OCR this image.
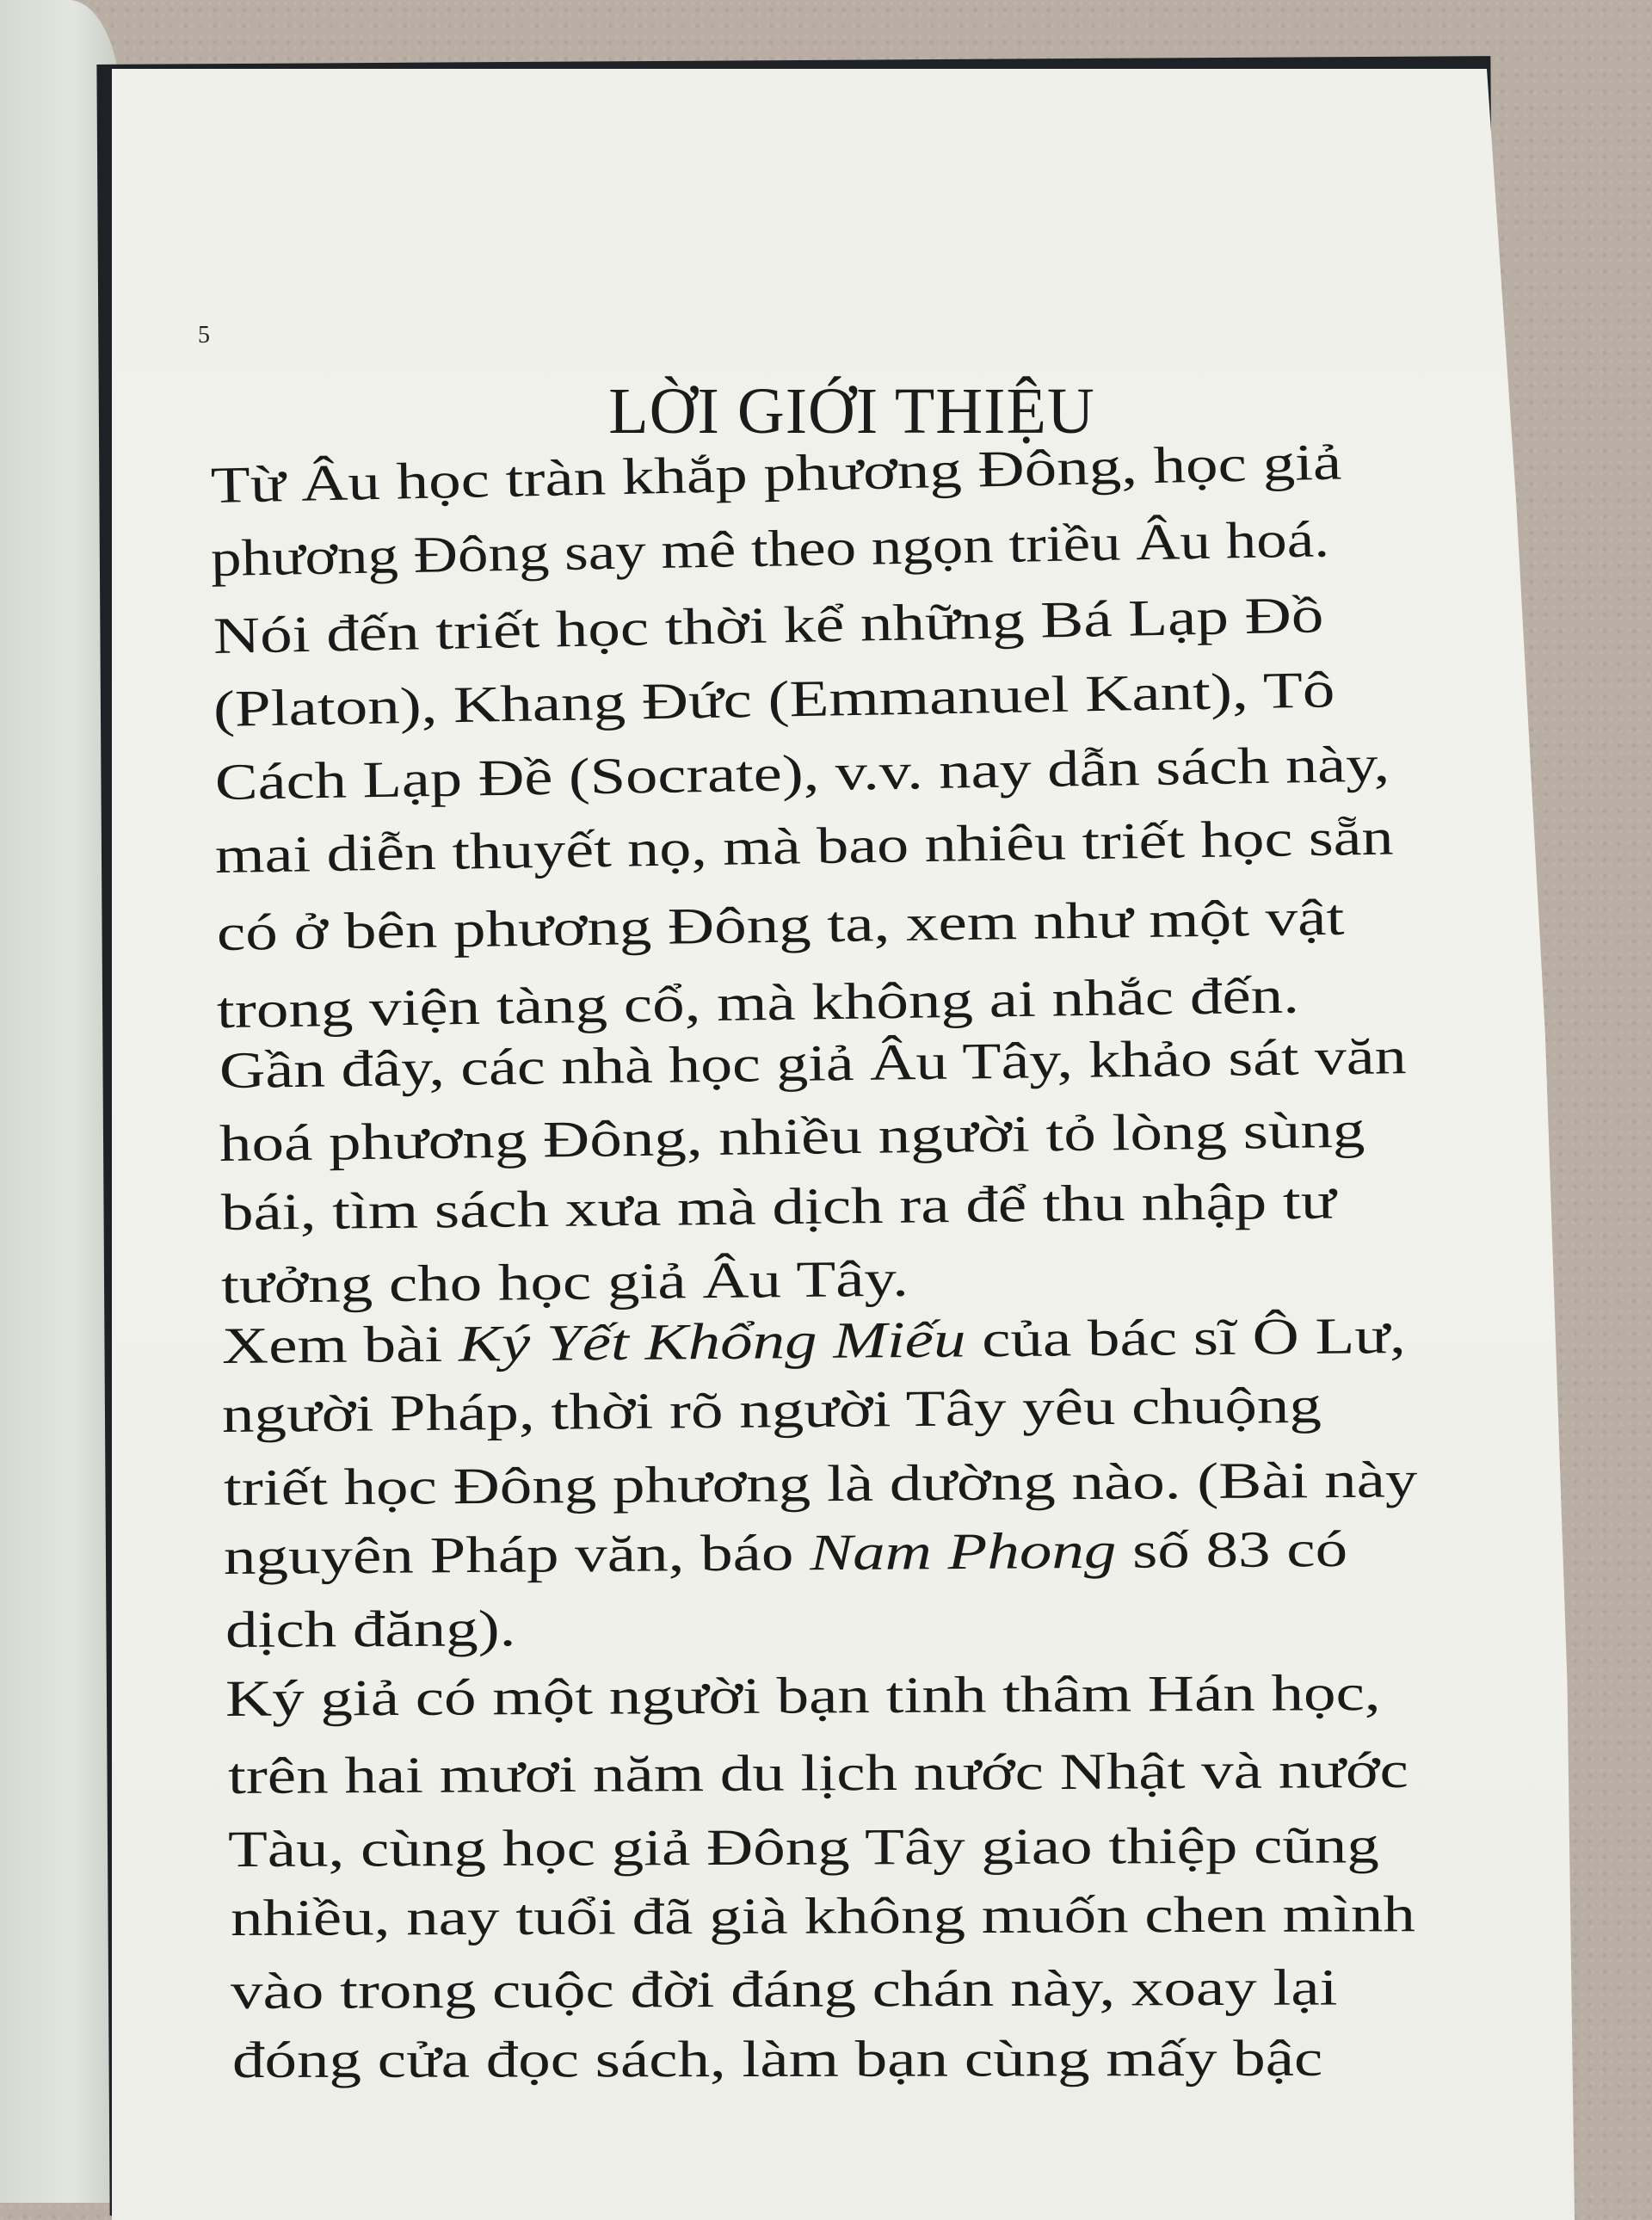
5
LỜI GIỚI THIỆU
Từ Âu học tràn khắp phương Đông, học giả
phương Đông say mê theo ngọn triều Âu hoá.
Nói đến triết học thời kể những Bá Lạp Đồ
(Platon), Khang Đức (Emmanuel Kant), Tô
Cách Lạp Đề (Socrate), v.v. nay dẫn sách này,
mai diễn thuyết nọ, mà bao nhiêu triết học sẵn
có ở bên phương Đông ta, xem như một vật
trong viện tàng cổ, mà không ai nhắc đến.
Gần đây, các nhà học giả Âu Tây, khảo sát văn
hoá phương Đông, nhiều người tỏ lòng sùng
bái, tìm sách xưa mà dịch ra để thu nhập tư
tưởng cho học giả Âu Tây.
Xem bài Ký Yết Khổng Miếu của bác sĩ Ô Lư,
người Pháp, thời rõ người Tây yêu chuộng
triết học Đông phương là dường nào. (Bài này
nguyên Pháp văn, báo Nam Phong số 83 có
dịch đăng).
Ký giả có một người bạn tinh thâm Hán học,
trên hai mươi năm du lịch nước Nhật và nước
Tàu, cùng học giả Đông Tây giao thiệp cũng
nhiều, nay tuổi đã già không muốn chen mình
vào trong cuộc đời đáng chán này, xoay lại
đóng cửa đọc sách, làm bạn cùng mấy bậc
